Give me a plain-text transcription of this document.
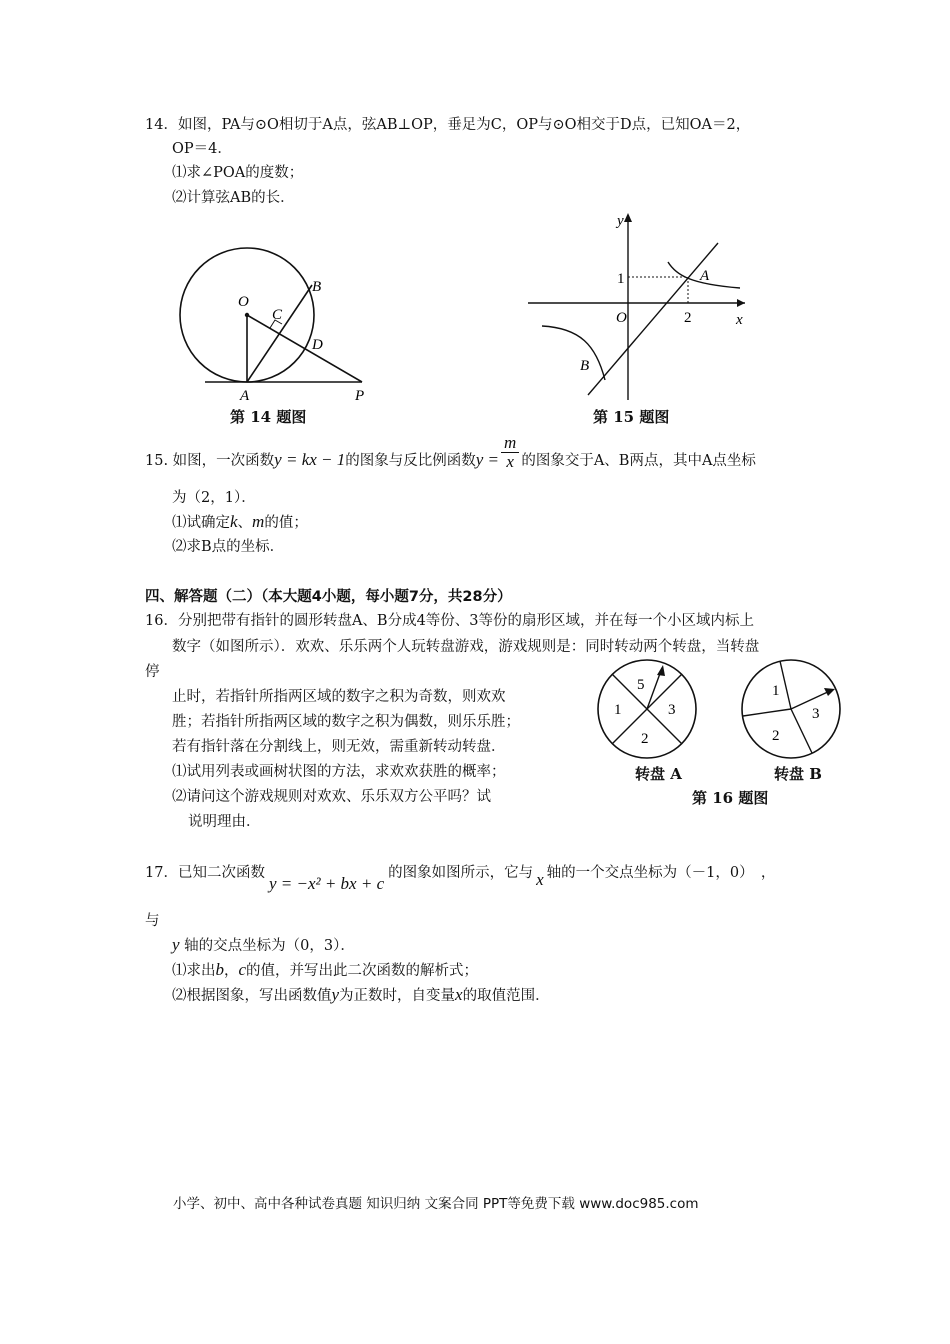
14．如图，PA与⊙O相切于A点，弦AB⊥OP，垂足为C，OP与⊙O相交于D点，已知OA＝2，
OP＝4．
⑴求∠POA的度数；
⑵计算弦AB的长．
O
A
B
C
D
P
第 14 题图
y
x
O
1
2
A
B
第 15 题图
15. 如图，一次函数y = kx − 1的图象与反比例函数$y = \frac{m}{x}$ 的图象交于A、B两点，其中A点坐标
为（2，1）．
⑴试确定k、m的值；
⑵求B点的坐标．
四、解答题（二）（本大题4小题，每小题7分，共28分）
16．分别把带有指针的圆形转盘A、B分成4等份、3等份的扇形区域，并在每一个小区域内标上
数字（如图所示）．欢欢、乐乐两个人玩转盘游戏，游戏规则是：同时转动两个转盘，当转盘
停
止时，若指针所指两区域的数字之积为奇数，则欢欢
胜；若指针所指两区域的数字之积为偶数，则乐乐胜；
若有指针落在分割线上，则无效，需重新转动转盘．
⑴试用列表或画树状图的方法，求欢欢获胜的概率；
⑵请问这个游戏规则对欢欢、乐乐双方公平吗？试
说明理由．
5
3
2
1
1
3
2
转盘 A	转盘 B
第 16 题图
17．已知二次函数y = −x² + bx + c的图象如图所示，它与 x 轴的一个交点坐标为（－1，0）　，
与
y 轴的交点坐标为（0，3）．
⑴求出b，c的值，并写出此二次函数的解析式；
⑵根据图象，写出函数值y为正数时，自变量x的取值范围．
小学、初中、高中各种试卷真题 知识归纳 文案合同 PPT等免费下载 www.doc985.com
